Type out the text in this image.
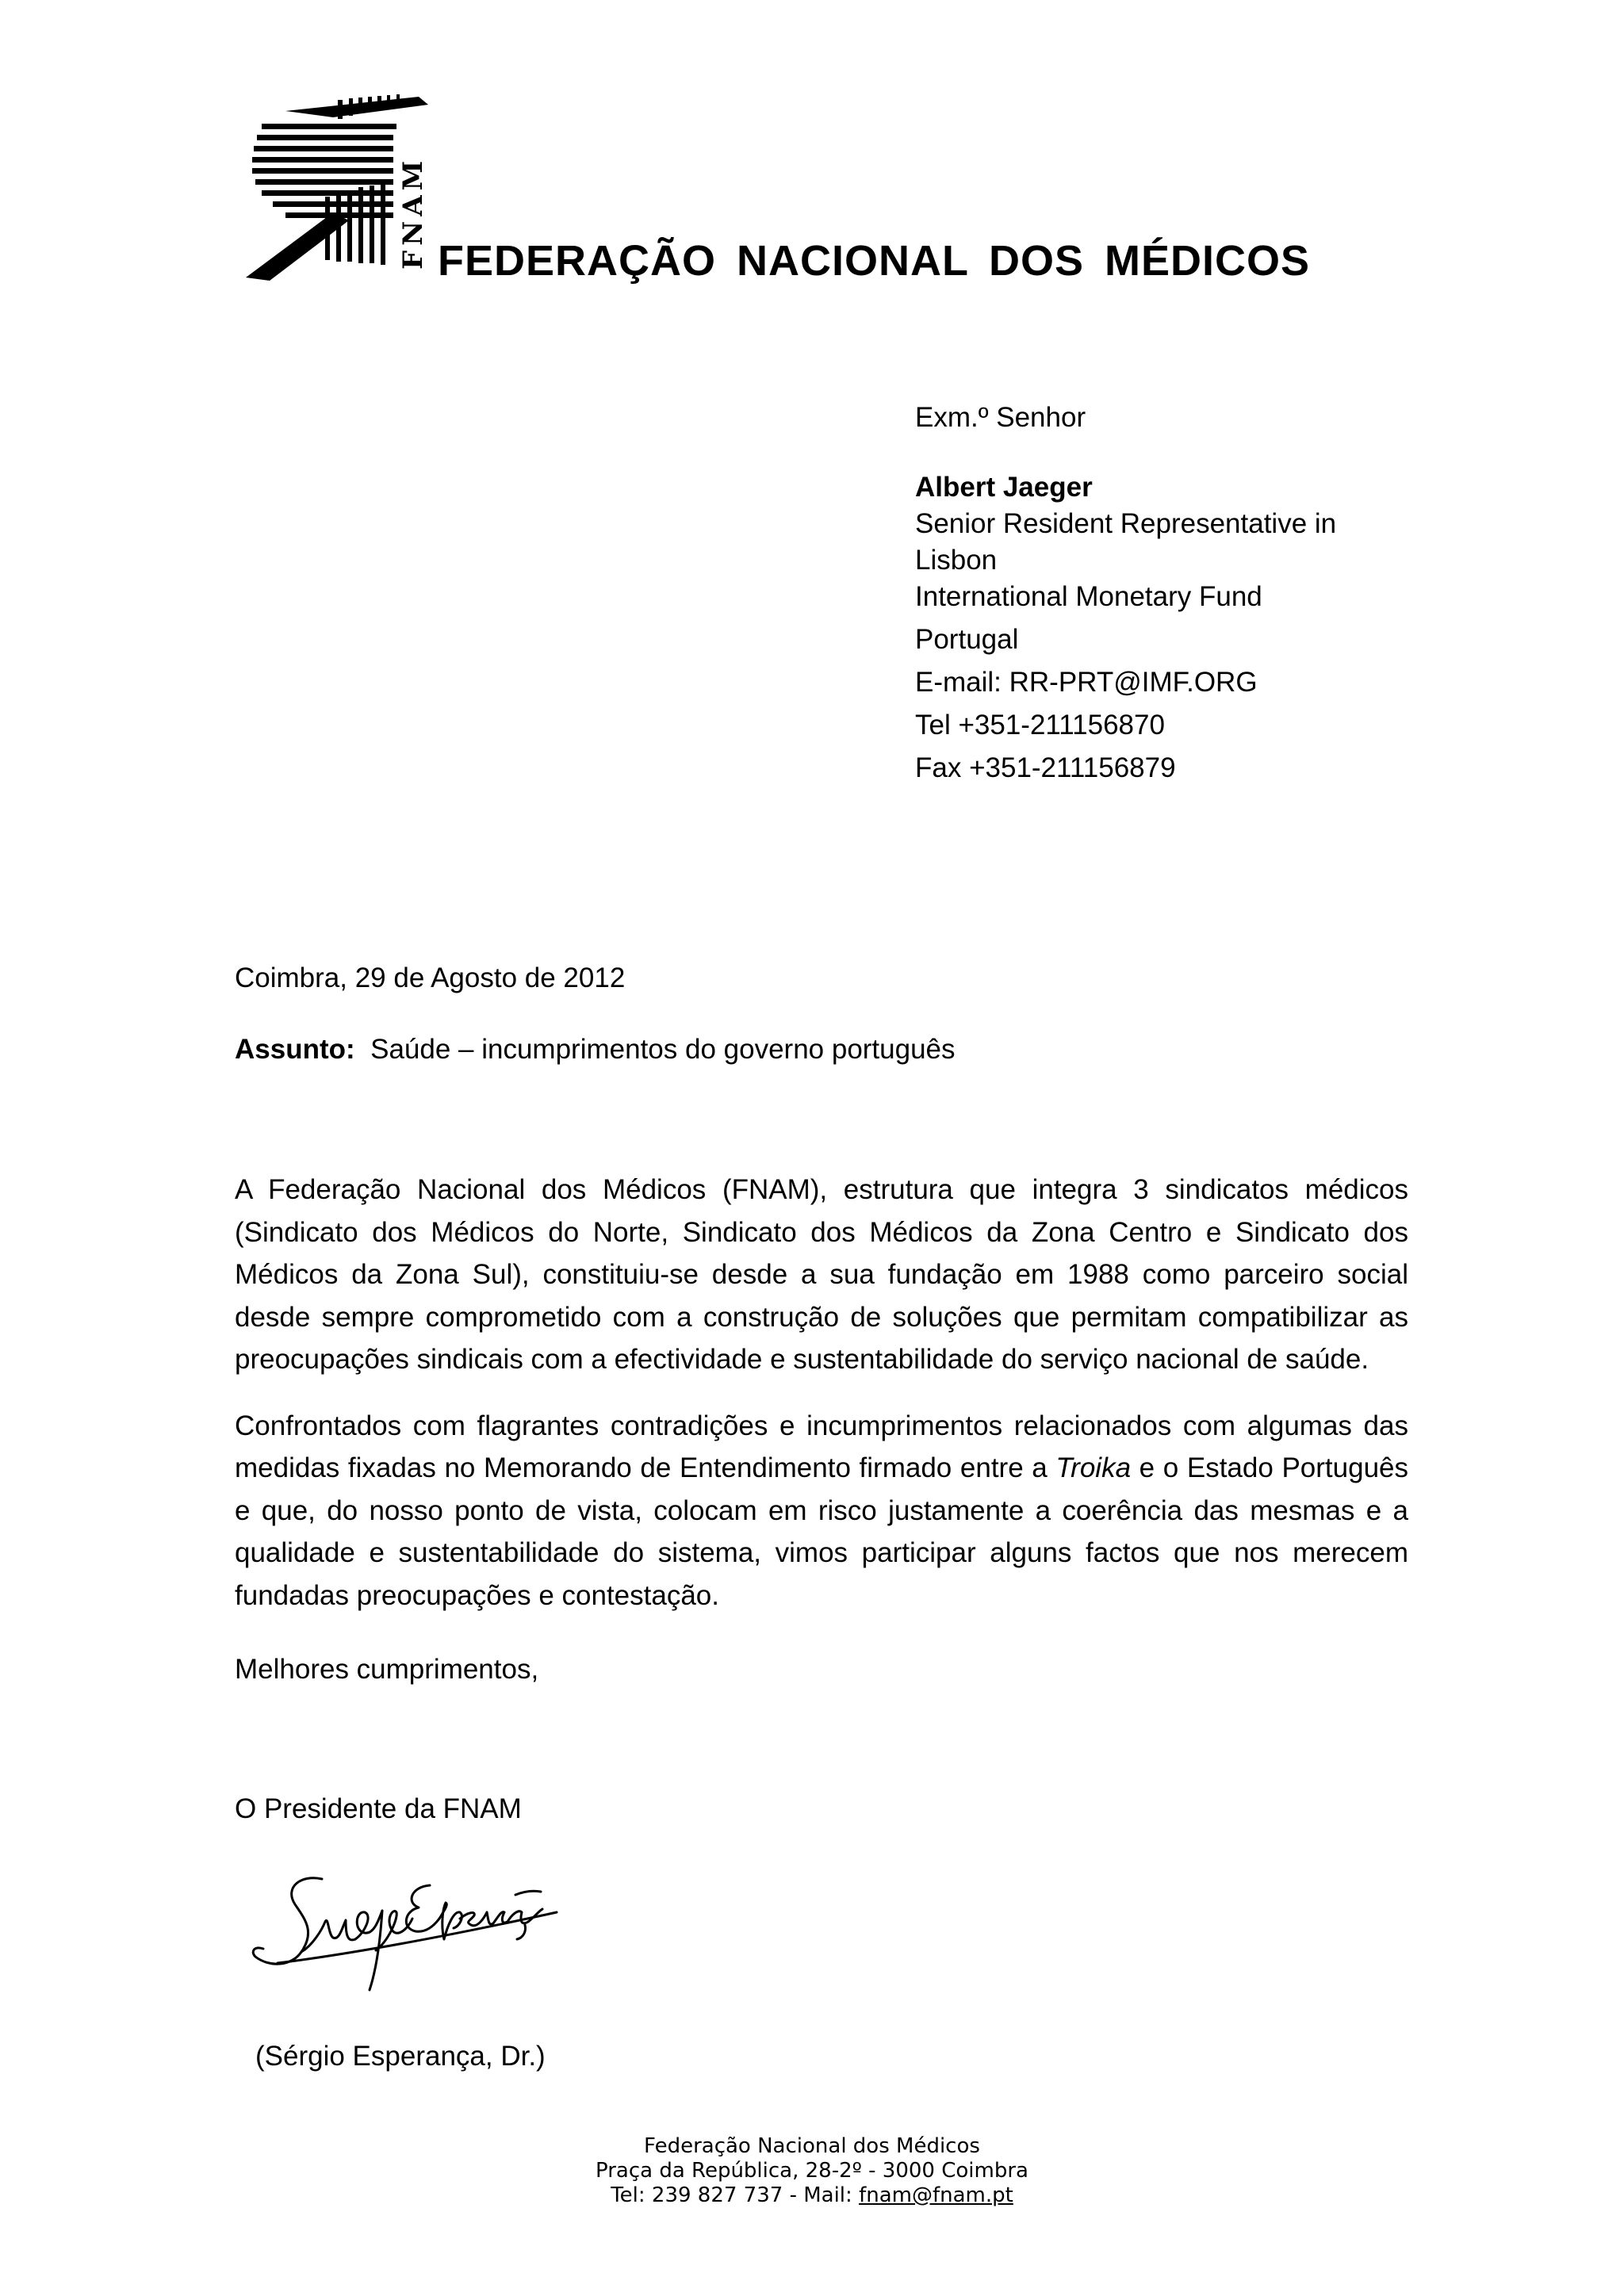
FNAM FEDERAÇÃO NACIONAL DOS MÉDICOS
Exm.º Senhor
Albert Jaeger
Senior Resident Representative in Lisbon
International Monetary Fund
Portugal
E-mail: RR-PRT@IMF.ORG
Tel +351-211156870
Fax +351-211156879
Coimbra, 29 de Agosto de 2012
Assunto: Saúde – incumprimentos do governo português

A Federação Nacional dos Médicos (FNAM), estrutura que integra 3 sindicatos médicos (Sindicato dos Médicos do Norte, Sindicato dos Médicos da Zona Centro e Sindicato dos Médicos da Zona Sul), constituiu-se desde a sua fundação em 1988 como parceiro social desde sempre comprometido com a construção de soluções que permitam compatibilizar as preocupações sindicais com a efectividade e sustentabilidade do serviço nacional de saúde.

Confrontados com flagrantes contradições e incumprimentos relacionados com algumas das medidas fixadas no Memorando de Entendimento firmado entre a Troika e o Estado Português e que, do nosso ponto de vista, colocam em risco justamente a coerência das mesmas e a qualidade e sustentabilidade do sistema, vimos participar alguns factos que nos merecem fundadas preocupações e contestação.

Melhores cumprimentos,
O Presidente da FNAM
(Sérgio Esperança, Dr.)
Federação Nacional dos Médicos
Praça da República, 28-2º - 3000 Coimbra
Tel: 239 827 737 - Mail: fnam@fnam.pt
